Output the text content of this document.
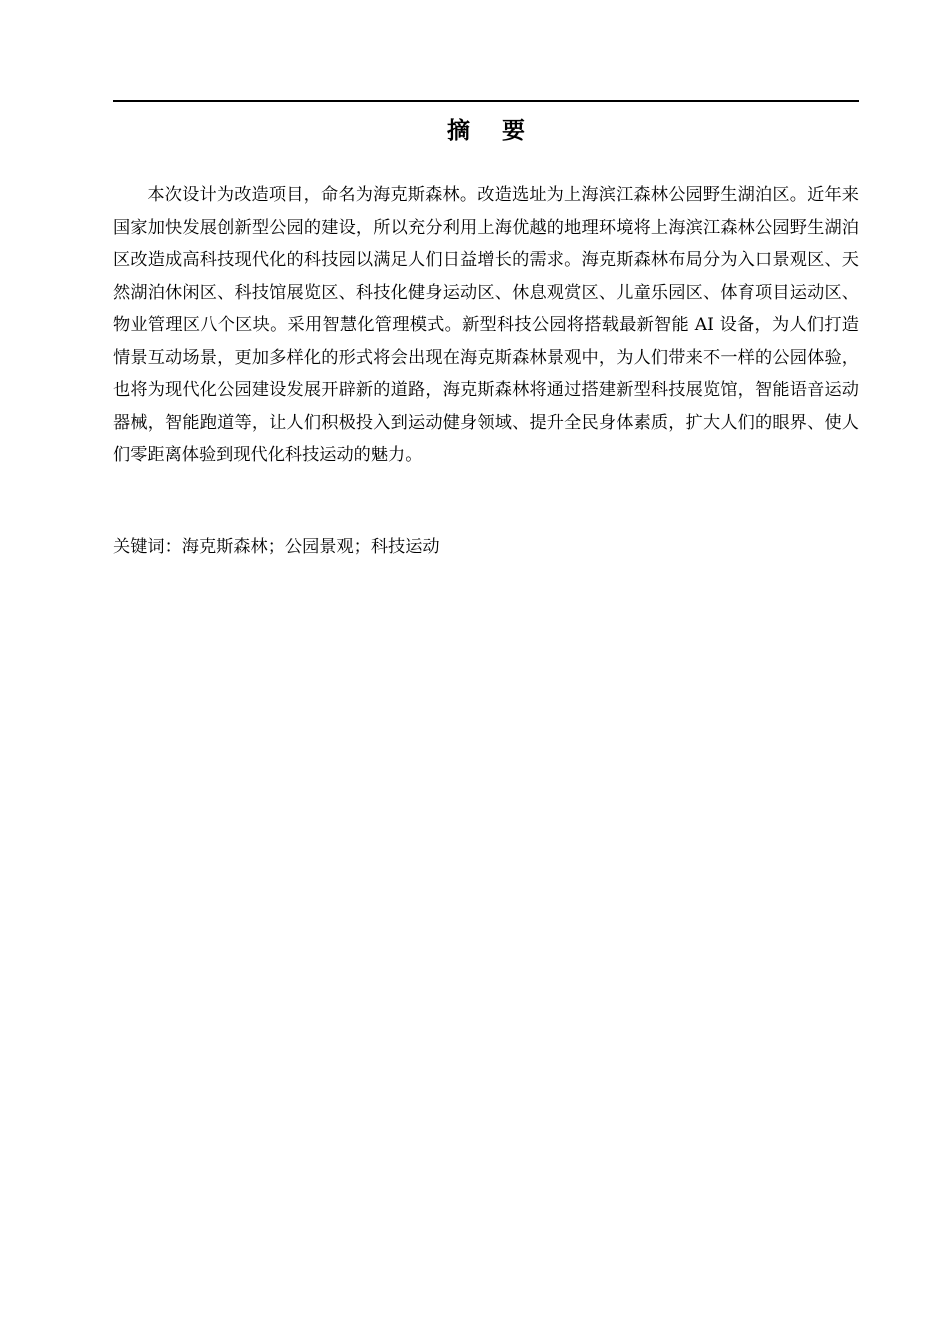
摘    要

本次设计为改造项目，命名为海克斯森林。改造选址为上海滨江森林公园野生湖泊区。近年来国家加快发展创新型公园的建设，所以充分利用上海优越的地理环境将上海滨江森林公园野生湖泊区改造成高科技现代化的科技园以满足人们日益增长的需求。海克斯森林布局分为入口景观区、天然湖泊休闲区、科技馆展览区、科技化健身运动区、休息观赏区、儿童乐园区、体育项目运动区、物业管理区八个区块。采用智慧化管理模式。新型科技公园将搭载最新智能 AI 设备，为人们打造情景互动场景，更加多样化的形式将会出现在海克斯森林景观中，为人们带来不一样的公园体验，也将为现代化公园建设发展开辟新的道路，海克斯森林将通过搭建新型科技展览馆，智能语音运动器械，智能跑道等，让人们积极投入到运动健身领域、提升全民身体素质，扩大人们的眼界、使人们零距离体验到现代化科技运动的魅力。

关键词：海克斯森林；公园景观；科技运动
